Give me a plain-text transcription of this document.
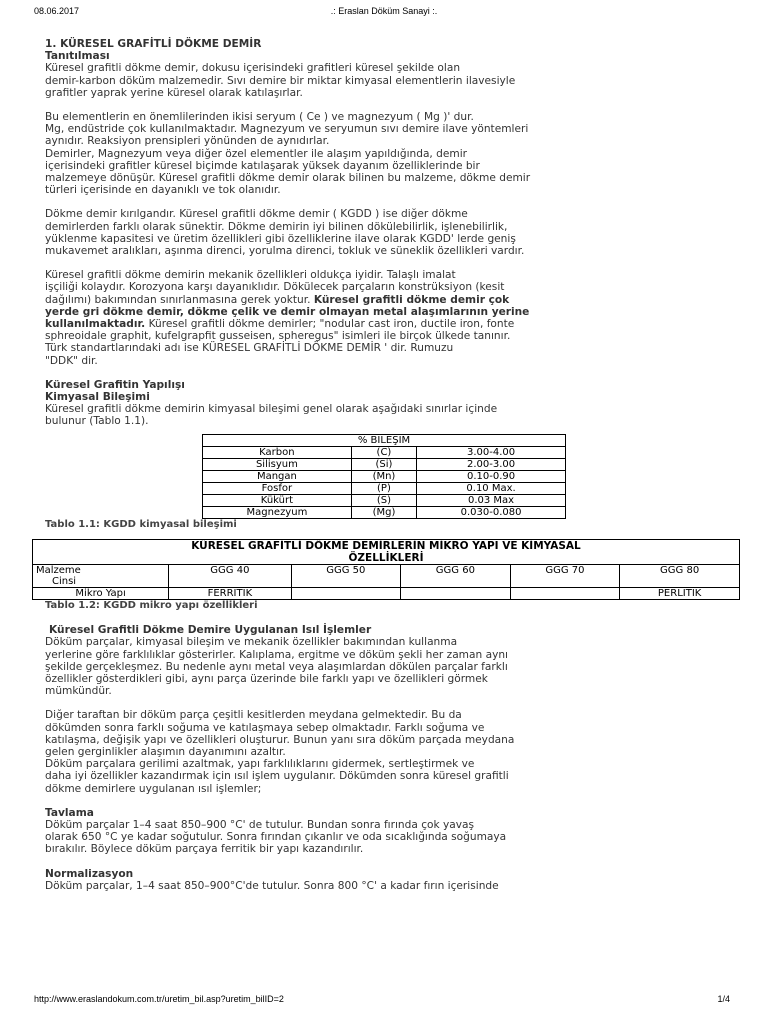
08.06.2017	.: Eraslan Döküm Sanayi :.

1. KÜRESEL GRAFİTLİ DÖKME DEMİR

Tanıtılması

Küresel grafitli dökme demir, dokusu içerisindeki grafitleri küresel şekilde olan

demir-karbon döküm malzemedir. Sıvı demire bir miktar kimyasal elementlerin ilavesiyle

grafitler yaprak yerine küresel olarak katılaşırlar.

Bu elementlerin en önemlilerinden ikisi seryum ( Ce ) ve magnezyum ( Mg )' dur.

Mg, endüstride çok kullanılmaktadır. Magnezyum ve seryumun sıvı demire ilave yöntemleri

aynıdır. Reaksiyon prensipleri yönünden de aynıdırlar.

Demirler, Magnezyum veya diğer özel elementler ile alaşım yapıldığında, demir

içerisindeki grafitler küresel biçimde katılaşarak yüksek dayanım özelliklerinde bir

malzemeye dönüşür. Küresel grafitli dökme demir olarak bilinen bu malzeme, dökme demir

türleri içerisinde en dayanıklı ve tok olanıdır.

Dökme demir kırılgandır. Küresel grafitli dökme demir ( KGDD ) ise diğer dökme

demirlerden farklı olarak sünektir. Dökme demirin iyi bilinen dökülebilirlik, işlenebilirlik,

yüklenme kapasitesi ve üretim özellikleri gibi özelliklerine ilave olarak KGDD' lerde geniş

mukavemet aralıkları, aşınma direnci, yorulma direnci, tokluk ve süneklik özellikleri vardır.

Küresel grafitli dökme demirin mekanik özellikleri oldukça iyidir. Talaşlı imalat

işçiliği kolaydır. Korozyona karşı dayanıklıdır. Dökülecek parçaların konstrüksiyon (kesit

dağılımı) bakımından sınırlanmasına gerek yoktur. Küresel grafitli dökme demir çok

yerde gri dökme demir, dökme çelik ve demir olmayan metal alaşımlarının yerine

kullanılmaktadır. Küresel grafitli dökme demirler; "nodular cast iron, ductile iron, fonte

sphreoidale graphit, kufelgrapfit gusseisen, spheregus" isimleri ile birçok ülkede tanınır.

Türk standartlarındaki adı ise KÜRESEL GRAFİTLİ DÖKME DEMİR ' dir. Rumuzu

"DDK" dir.

Küresel Grafitin Yapılışı

Kimyasal Bileşimi

Küresel grafitli dökme demirin kimyasal bileşimi genel olarak aşağıdaki sınırlar içinde

bulunur (Tablo 1.1).

% BİLEŞİM		
Karbon	(C)	3.00-4.00
Silisyum	(Si)	2.00-3.00
Mangan	(Mn)	0.10-0.90
Fosfor	(P)	0.10 Max.
Kükürt	(S)	0.03 Max
Magnezyum	(Mg)	0.030-0.080

Tablo 1.1: KGDD kimyasal bileşimi

KÜRESEL GRAFİTLİ DÖKME DEMİRLERİN MİKRO YAPI VE KİMYASAL
ÖZELLİKLERİ					
Malzeme
Cinsi	GGG 40	GGG 50	GGG 60	GGG 70	GGG 80
Mikro Yapı	FERRİTİK				PERLİTİK

Tablo 1.2: KGDD mikro yapı özellikleri

Küresel Grafitli Dökme Demire Uygulanan Isıl İşlemler

Döküm parçalar, kimyasal bileşim ve mekanik özellikler bakımından kullanma

yerlerine göre farklılıklar gösterirler. Kalıplama, ergitme ve döküm şekli her zaman aynı

şekilde gerçekleşmez. Bu nedenle aynı metal veya alaşımlardan dökülen parçalar farklı

özellikler gösterdikleri gibi, aynı parça üzerinde bile farklı yapı ve özellikleri görmek

mümkündür.

Diğer taraftan bir döküm parça çeşitli kesitlerden meydana gelmektedir. Bu da

dökümden sonra farklı soğuma ve katılaşmaya sebep olmaktadır. Farklı soğuma ve

katılaşma, değişik yapı ve özellikleri oluşturur. Bunun yanı sıra döküm parçada meydana

gelen gerginlikler alaşımın dayanımını azaltır.

Döküm parçalara gerilimi azaltmak, yapı farklılıklarını gidermek, sertleştirmek ve

daha iyi özellikler kazandırmak için ısıl işlem uygulanır. Dökümden sonra küresel grafitli

dökme demirlere uygulanan ısıl işlemler;

Tavlama

Döküm parçalar 1–4 saat 850–900 °C' de tutulur. Bundan sonra fırında çok yavaş

olarak 650 °C ye kadar soğutulur. Sonra fırından çıkanlır ve oda sıcaklığında soğumaya

bırakılır. Böylece döküm parçaya ferritik bir yapı kazandırılır.

Normalizasyon

Döküm parçalar, 1–4 saat 850–900°C'de tutulur. Sonra 800 °C' a kadar fırın içerisinde

http://www.eraslandokum.com.tr/uretim_bil.asp?uretim_bilID=2	1/4
